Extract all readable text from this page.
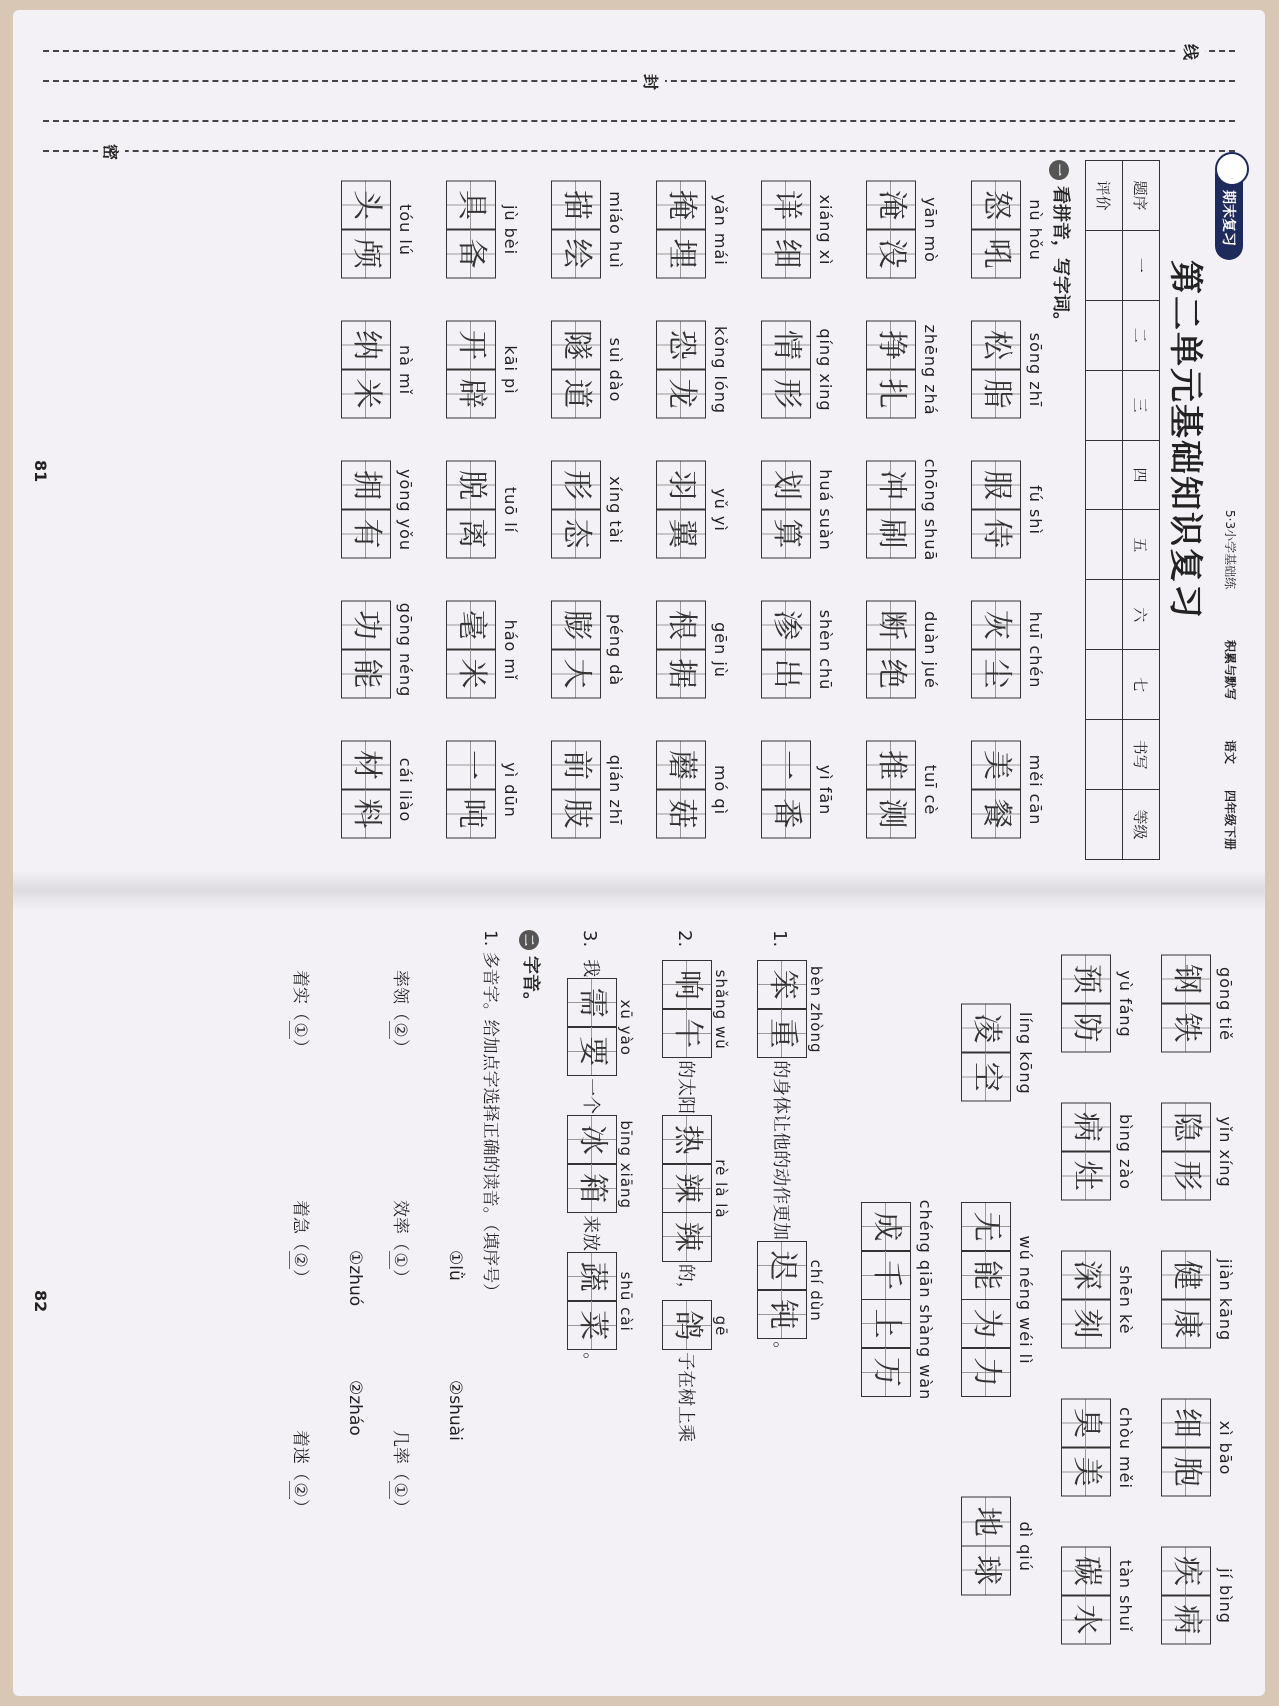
线
封
密
期末复习
5·3小学基础练
积累与默写
语文
四年级下册
第二单元基础知识复习
题序	一	二	三	四	五	六	七	书写	等级
评价									
一看拼音，写字词。
nù hǒu
怒
吼
sōng zhī
松
脂
fú shì
服
侍
huī chén
灰
尘
měi cān
美
餐
yān mò
淹
没
zhēng zhá
挣
扎
chōng shuā
冲
刷
duàn jué
断
绝
tuī cè
推
测
xiáng xì
详
细
qíng xing
情
形
huá suàn
划
算
shèn chū
渗
出
yì fān
一
番
yǎn mái
掩
埋
kǒng lóng
恐
龙
yǔ yì
羽
翼
gēn jù
根
据
mó qì
蘑
菇
miáo huì
描
绘
suì dào
隧
道
xíng tài
形
态
péng dà
膨
大
qián zhī
前
肢
jù bèi
具
备
kāi pì
开
辟
tuō lí
脱
离
háo mǐ
毫
米
yì dūn
一
吨
tóu lú
头
颅
nà mǐ
纳
米
yōng yǒu
拥
有
gōng néng
功
能
cái liào
材
料
81
gōng tiě
钢
铁
yǐn xíng
隐
形
jiàn kāng
健
康
xì bāo
细
胞
jí bìng
疾
病
yù fáng
预
防
bìng zào
病
灶
shēn kè
深
刻
chòu měi
臭
美
tàn shuǐ
碳
水
líng kōng
凌
空
wú néng wéi lì
无
能
为
力
dì qiú
地
球
chéng qiān shàng wàn
成
千
上
万
1.
bèn zhòng
笨
重
的身体让他的动作更加
chí dùn
迟
钝
。
2.
shǎng wǔ
响
午
的太阳
rè là là
热
辣
辣
的，
gē
鸽
子在树上乘
3.
我
xū yào
需
要
一个
bīng xiāng
冰
箱
来放
shū cài
蔬
菜
。
二字音。
1. 多音字。给加点字选择正确的读音。（填序号）
①lǜ
②shuài
率领（②）
效率（①）
几率（①）
①zhuó
②zháo
着实（①）
着急（②）
着迷（②）
82
